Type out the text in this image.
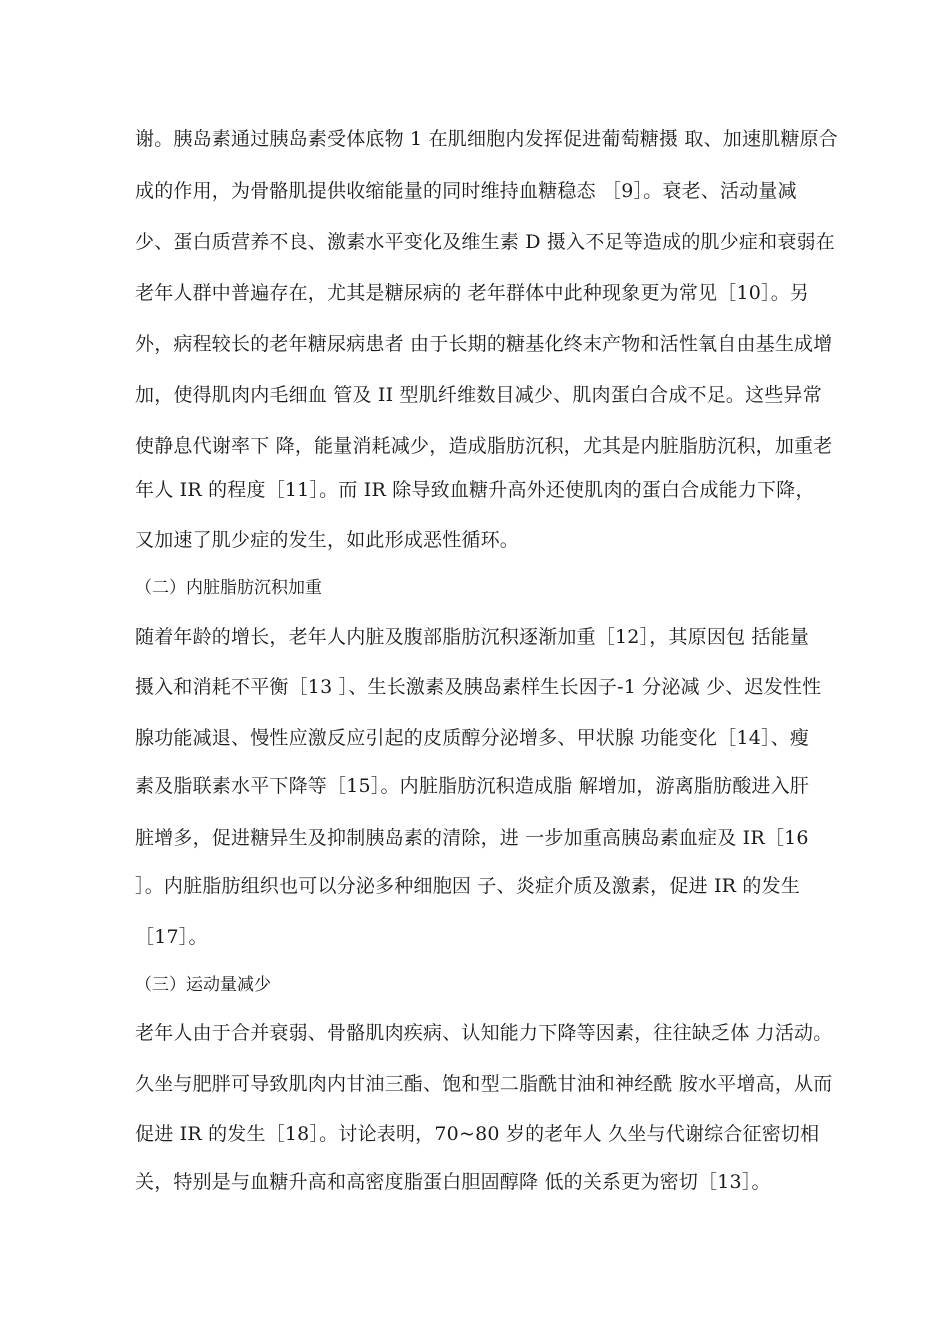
谢。胰岛素通过胰岛素受体底物 1 在肌细胞内发挥促进葡萄糖摄 取、加速肌糖原合
成的作用，为骨骼肌提供收缩能量的同时维持血糖稳态 ［9］。衰老、活动量减
少、蛋白质营养不良、激素水平变化及维生素 D 摄入不足等造成的肌少症和衰弱在
老年人群中普遍存在，尤其是糖尿病的 老年群体中此种现象更为常见［10］。另
外，病程较长的老年糖尿病患者 由于长期的糖基化终末产物和活性氧自由基生成增
加，使得肌肉内毛细血 管及 II 型肌纤维数目减少、肌肉蛋白合成不足。这些异常
使静息代谢率下 降，能量消耗减少，造成脂肪沉积，尤其是内脏脂肪沉积，加重老
年人 IR 的程度［11］。而 IR 除导致血糖升高外还使肌肉的蛋白合成能力下降，
又加速了肌少症的发生，如此形成恶性循环。
（二）内脏脂肪沉积加重
随着年龄的增长，老年人内脏及腹部脂肪沉积逐渐加重［12］，其原因包 括能量
摄入和消耗不平衡［13 ］、生长激素及胰岛素样生长因子-1 分泌减 少、迟发性性
腺功能减退、慢性应激反应引起的皮质醇分泌增多、甲状腺 功能变化［14］、瘦
素及脂联素水平下降等［15］。内脏脂肪沉积造成脂 解增加，游离脂肪酸进入肝
脏增多，促进糖异生及抑制胰岛素的清除，进 一步加重高胰岛素血症及 IR［16
］。内脏脂肪组织也可以分泌多种细胞因 子、炎症介质及激素，促进 IR 的发生
［17］。
（三）运动量减少
老年人由于合并衰弱、骨骼肌肉疾病、认知能力下降等因素，往往缺乏体 力活动。
久坐与肥胖可导致肌肉内甘油三酯、饱和型二脂酰甘油和神经酰 胺水平增高，从而
促进 IR 的发生［18］。讨论表明，70~80 岁的老年人 久坐与代谢综合征密切相
关，特别是与血糖升高和高密度脂蛋白胆固醇降 低的关系更为密切［13］。
